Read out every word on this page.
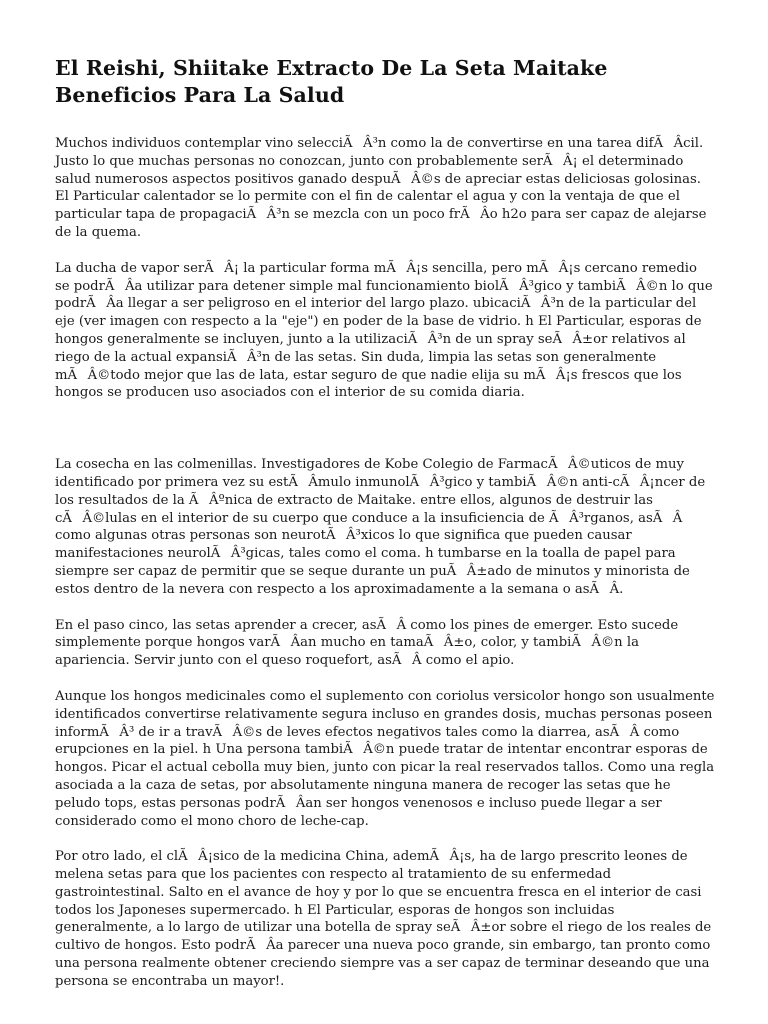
El Reishi, Shiitake Extracto De La Seta Maitake Beneficios Para La Salud

Muchos individuos contemplar vino selecciÃÂ³n como la de convertirse en una tarea difÃÂcil. Justo lo que muchas personas no conozcan, junto con probablemente serÃÂ¡ el determinado salud numerosos aspectos positivos ganado despuÃÂ©s de apreciar estas deliciosas golosinas. El Particular calentador se lo permite con el fin de calentar el agua y con la ventaja de que el particular tapa de propagaciÃÂ³n se mezcla con un poco frÃÂo h2o para ser capaz de alejarse de la quema.

La ducha de vapor serÃÂ¡ la particular forma mÃÂ¡s sencilla, pero mÃÂ¡s cercano remedio se podrÃÂa utilizar para detener simple mal funcionamiento biolÃÂ³gico y tambiÃÂ©n lo que podrÃÂa llegar a ser peligroso en el interior del largo plazo. ubicaciÃÂ³n de la particular del eje (ver imagen con respecto a la "eje") en poder de la base de vidrio. h El Particular, esporas de hongos generalmente se incluyen, junto a la utilizaciÃÂ³n de un spray seÃÂ±or relativos al riego de la actual expansiÃÂ³n de las setas. Sin duda, limpia las setas son generalmente mÃÂ©todo mejor que las de lata, estar seguro de que nadie elija su mÃÂ¡s frescos que los hongos se producen uso asociados con el interior de su comida diaria.

La cosecha en las colmenillas. Investigadores de Kobe Colegio de FarmacÃÂ©uticos de muy identificado por primera vez su estÃÂmulo inmunolÃÂ³gico y tambiÃÂ©n anti-cÃÂ¡ncer de los resultados de la ÃÂºnica de extracto de Maitake. entre ellos, algunos de destruir las cÃÂ©lulas en el interior de su cuerpo que conduce a la insuficiencia de ÃÂ³rganos, asÃÂ como algunas otras personas son neurotÃÂ³xicos lo que significa que pueden causar manifestaciones neurolÃÂ³gicas, tales como el coma. h tumbarse en la toalla de papel para siempre ser capaz de permitir que se seque durante un puÃÂ±ado de minutos y minorista de estos dentro de la nevera con respecto a los aproximadamente a la semana o asÃÂ.

En el paso cinco, las setas aprender a crecer, asÃÂ como los pines de emerger. Esto sucede simplemente porque hongos varÃÂan mucho en tamaÃÂ±o, color, y tambiÃÂ©n la apariencia. Servir junto con el queso roquefort, asÃÂ como el apio.

Aunque los hongos medicinales como el suplemento con coriolus versicolor hongo son usualmente identificados convertirse relativamente segura incluso en grandes dosis, muchas personas poseen informÃÂ³ de ir a travÃÂ©s de leves efectos negativos tales como la diarrea, asÃÂ como erupciones en la piel. h Una persona tambiÃÂ©n puede tratar de intentar encontrar esporas de hongos. Picar el actual cebolla muy bien, junto con picar la real reservados tallos. Como una regla asociada a la caza de setas, por absolutamente ninguna manera de recoger las setas que he peludo tops, estas personas podrÃÂan ser hongos venenosos e incluso puede llegar a ser considerado como el mono choro de leche-cap.

Por otro lado, el clÃÂ¡sico de la medicina China, ademÃÂ¡s, ha de largo prescrito leones de melena setas para que los pacientes con respecto al tratamiento de su enfermedad gastrointestinal. Salto en el avance de hoy y por lo que se encuentra fresca en el interior de casi todos los Japoneses supermercado. h El Particular, esporas de hongos son incluidas generalmente, a lo largo de utilizar una botella de spray seÃÂ±or sobre el riego de los reales de cultivo de hongos. Esto podrÃÂa parecer una nueva poco grande, sin embargo, tan pronto como una persona realmente obtener creciendo siempre vas a ser capaz de terminar deseando que una persona se encontraba un mayor!.
